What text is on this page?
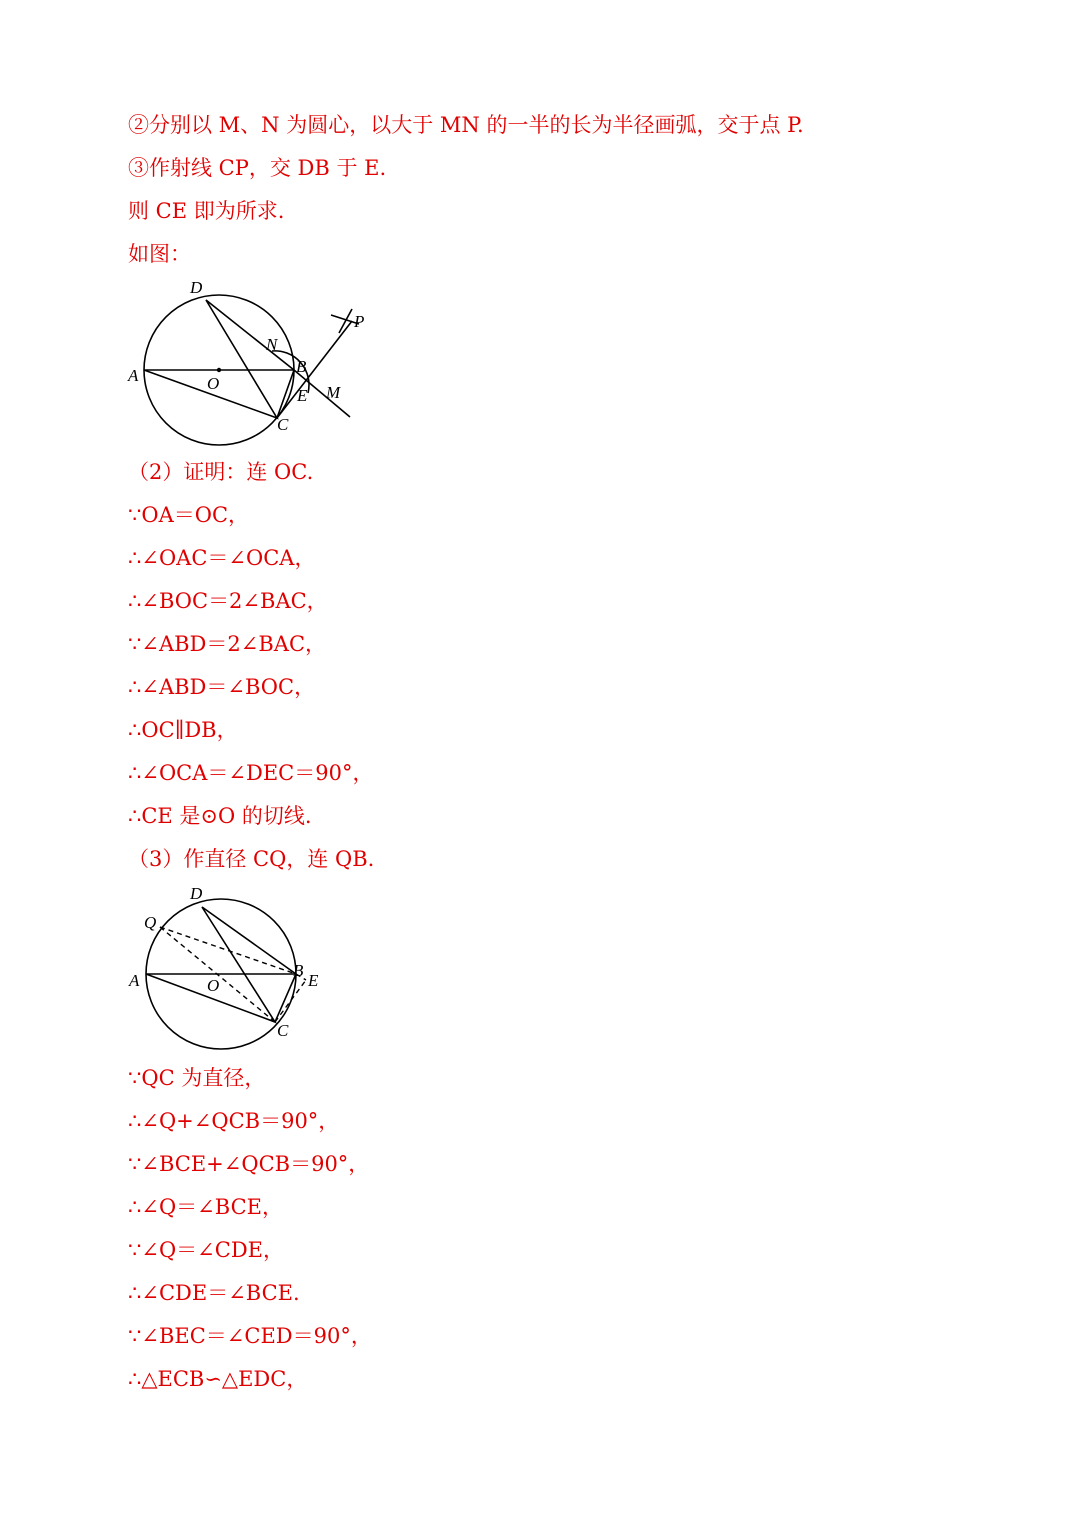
②分别以 M、N 为圆心，以大于 MN 的一半的长为半径画弧，交于点 P.
③作射线 CP，交 DB 于 E.
则 CE 即为所求.
如图：
D
A	O
N
B
E M
P
C
（2）证明：连 OC.
∵OA＝OC，
∴∠OAC＝∠OCA，
∴∠BOC＝2∠BAC，
∵∠ABD＝2∠BAC，
∴∠ABD＝∠BOC，
∴OC∥DB，
∴∠OCA＝∠DEC＝90°，
∴CE 是⊙O 的切线.
（3）作直径 CQ，连 QB.
D
Q
A	O
B
E
C
∵QC 为直径，
∴∠Q+∠QCB＝90°，
∵∠BCE+∠QCB＝90°，
∴∠Q＝∠BCE，
∵∠Q＝∠CDE，
∴∠CDE＝∠BCE.
∵∠BEC＝∠CED＝90°，
∴△ECB∽△EDC，
